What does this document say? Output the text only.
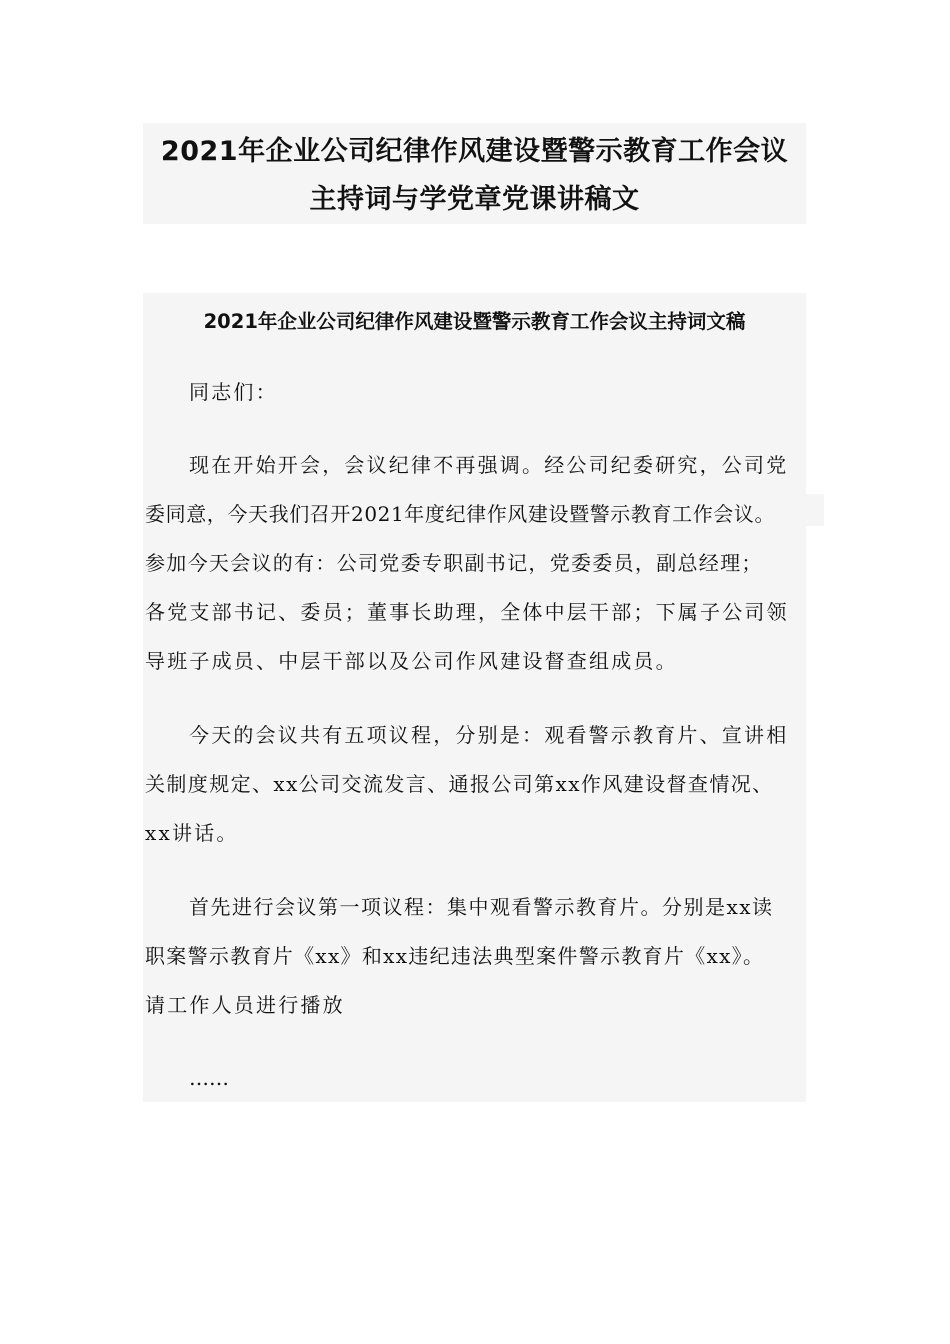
2021年企业公司纪律作风建设暨警示教育工作会议
主持词与学党章党课讲稿文
2021年企业公司纪律作风建设暨警示教育工作会议主持词文稿
同志们：
现在开始开会，会议纪律不再强调。经公司纪委研究，公司党
委同意，今天我们召开2021年度纪律作风建设暨警示教育工作会议。
参加今天会议的有：公司党委专职副书记，党委委员，副总经理；
各党支部书记、委员；董事长助理，全体中层干部；下属子公司领
导班子成员、中层干部以及公司作风建设督查组成员。
今天的会议共有五项议程，分别是：观看警示教育片、宣讲相
关制度规定、xx公司交流发言、通报公司第xx作风建设督查情况、
xx讲话。
首先进行会议第一项议程：集中观看警示教育片。分别是xx读
职案警示教育片《xx》和xx违纪违法典型案件警示教育片《xx》。
请工作人员进行播放
……
